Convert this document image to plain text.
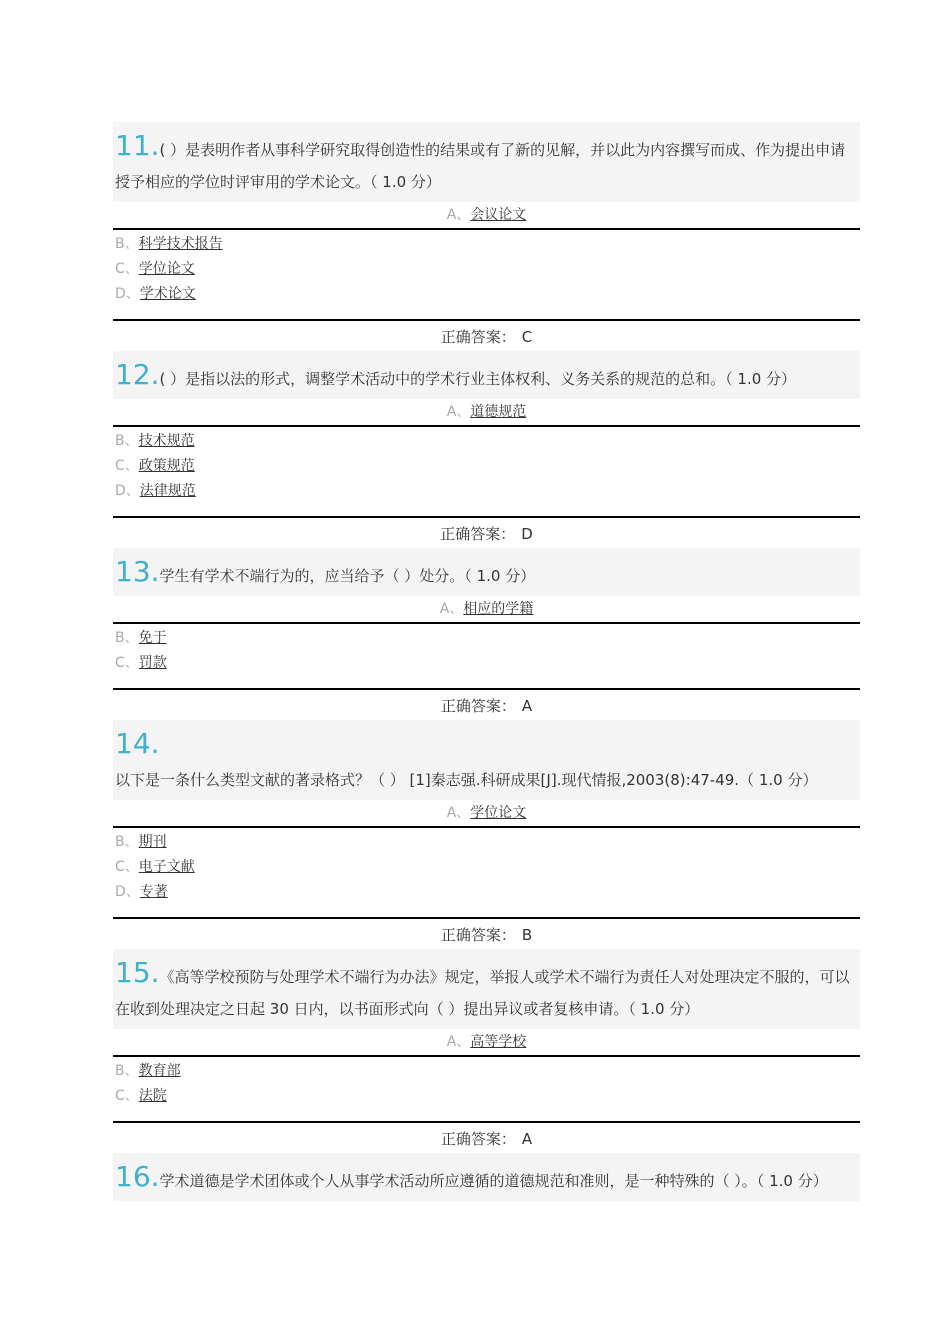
11.( ）是表明作者从事科学研究取得创造性的结果或有了新的见解，并以此为内容撰写而成、作为提出申请授予相应的学位时评审用的学术论文。（ 1.0 分）
A、会议论文
B、科学技术报告
C、学位论文
D、学术论文
正确答案： C
12.( ）是指以法的形式，调整学术活动中的学术行业主体权利、义务关系的规范的总和。（ 1.0 分）
A、道德规范
B、技术规范
C、政策规范
D、法律规范
正确答案： D
13.学生有学术不端行为的，应当给予（ ）处分。（ 1.0 分）
A、相应的学籍
B、免于
C、罚款
正确答案： A
14.以下是一条什么类型文献的著录格式？（ ） [1]秦志强.科研成果[J].现代情报,2003(8):47-49.（ 1.0 分）
A、学位论文
B、期刊
C、电子文献
D、专著
正确答案： B
15.《高等学校预防与处理学术不端行为办法》规定，举报人或学术不端行为责任人对处理决定不服的，可以在收到处理决定之日起 30 日内，以书面形式向（ ）提出异议或者复核申请。（ 1.0 分）
A、高等学校
B、教育部
C、法院
正确答案： A
16.学术道德是学术团体或个人从事学术活动所应遵循的道德规范和准则，是一种特殊的（ ）。（ 1.0 分）
